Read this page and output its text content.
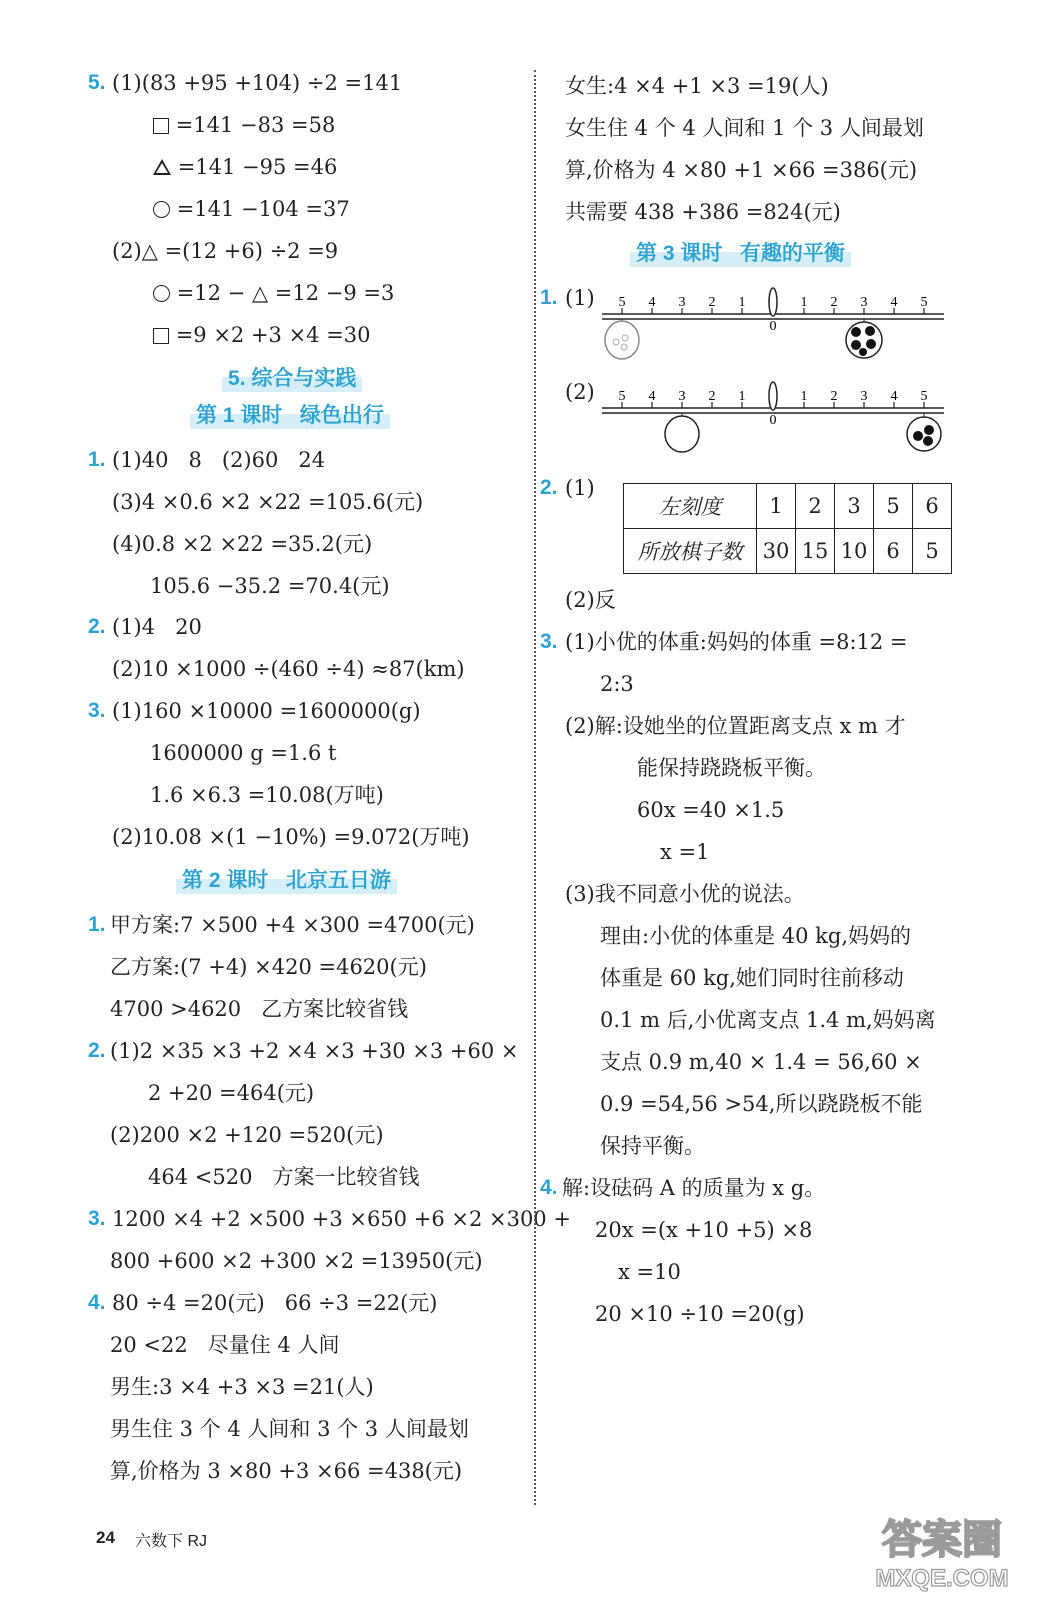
5. (1)(83 +95 +104) ÷2 =141
=141 −83 =58
=141 −95 =46
=141 −104 =37
(2)△ =(12 +6) ÷2 =9
=12 − △ =12 −9 =3
=9 ×2 +3 ×4 =30
5. 综合与实践
第 1 课时   绿色出行
1. (1)40   8   (2)60   24
(3)4 ×0.6 ×2 ×22 =105.6(元)
(4)0.8 ×2 ×22 =35.2(元)
105.6 −35.2 =70.4(元)
2. (1)4   20
(2)10 ×1000 ÷(460 ÷4) ≈87(km)
3. (1)160 ×10000 =1600000(g)
1600000 g =1.6 t
1.6 ×6.3 =10.08(万吨)
(2)10.08 ×(1 −10%) =9.072(万吨)
第 2 课时   北京五日游
1. 甲方案:7 ×500 +4 ×300 =4700(元)
乙方案:(7 +4) ×420 =4620(元)
4700 >4620   乙方案比较省钱
2. (1)2 ×35 ×3 +2 ×4 ×3 +30 ×3 +60 ×
2 +20 =464(元)
(2)200 ×2 +120 =520(元)
464 <520   方案一比较省钱
3. 1200 ×4 +2 ×500 +3 ×650 +6 ×2 ×300 +
800 +600 ×2 +300 ×2 =13950(元)
4. 80 ÷4 =20(元)   66 ÷3 =22(元)
20 <22   尽量住 4 人间
男生:3 ×4 +3 ×3 =21(人)
男生住 3 个 4 人间和 3 个 3 人间最划
算,价格为 3 ×80 +3 ×66 =438(元)
女生:4 ×4 +1 ×3 =19(人)
女生住 4 个 4 人间和 1 个 3 人间最划
算,价格为 4 ×80 +1 ×66 =386(元)
共需要 438 +386 =824(元)
第 3 课时   有趣的平衡
1. (1) 5 4 3 2 1
0
1 2 3 4 5
(2) 5 4 3 2 1
0
1 2 3 4 5
2. (1)
左刻度	1	2	3	5	6
所放棋子数	30	15	10	6	5
(2)反
3. (1)小优的体重:妈妈的体重 =8:12 =
2:3
(2)解:设她坐的位置距离支点 x m 才
能保持跷跷板平衡。
60x =40 ×1.5
x =1
(3)我不同意小优的说法。
理由:小优的体重是 40 kg,妈妈的
体重是 60 kg,她们同时往前移动
0.1 m 后,小优离支点 1.4 m,妈妈离
支点 0.9 m,40 × 1.4 = 56,60 ×
0.9 =54,56 >54,所以跷跷板不能
保持平衡。
4. 解:设砝码 A 的质量为 x g。
20x =(x +10 +5) ×8
x =10
20 ×10 ÷10 =20(g)
24 六数下 RJ	答案圈
MXQE.COM
